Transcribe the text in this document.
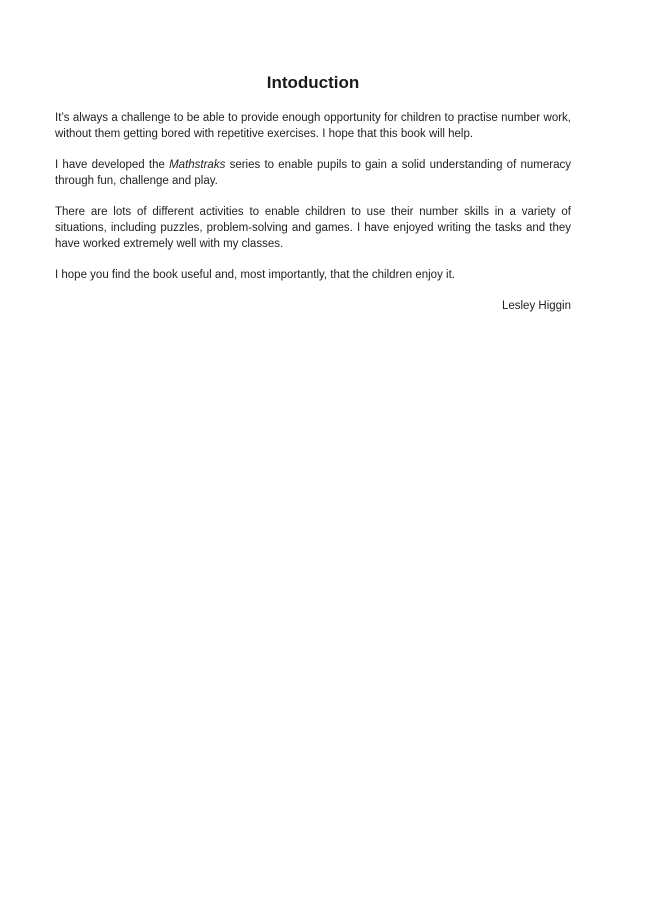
Intoduction

It’s always a challenge to be able to provide enough opportunity for children to practise number work, without them getting bored with repetitive exercises. I hope that this book will help.

I have developed the Mathstraks series to enable pupils to gain a solid understanding of numeracy through fun, challenge and play.

There are lots of different activities to enable children to use their number skills in a variety of situations, including puzzles, problem-solving and games. I have enjoyed writing the tasks and they have worked extremely well with my classes.

I hope you find the book useful and, most importantly, that the children enjoy it.

Lesley Higgin
